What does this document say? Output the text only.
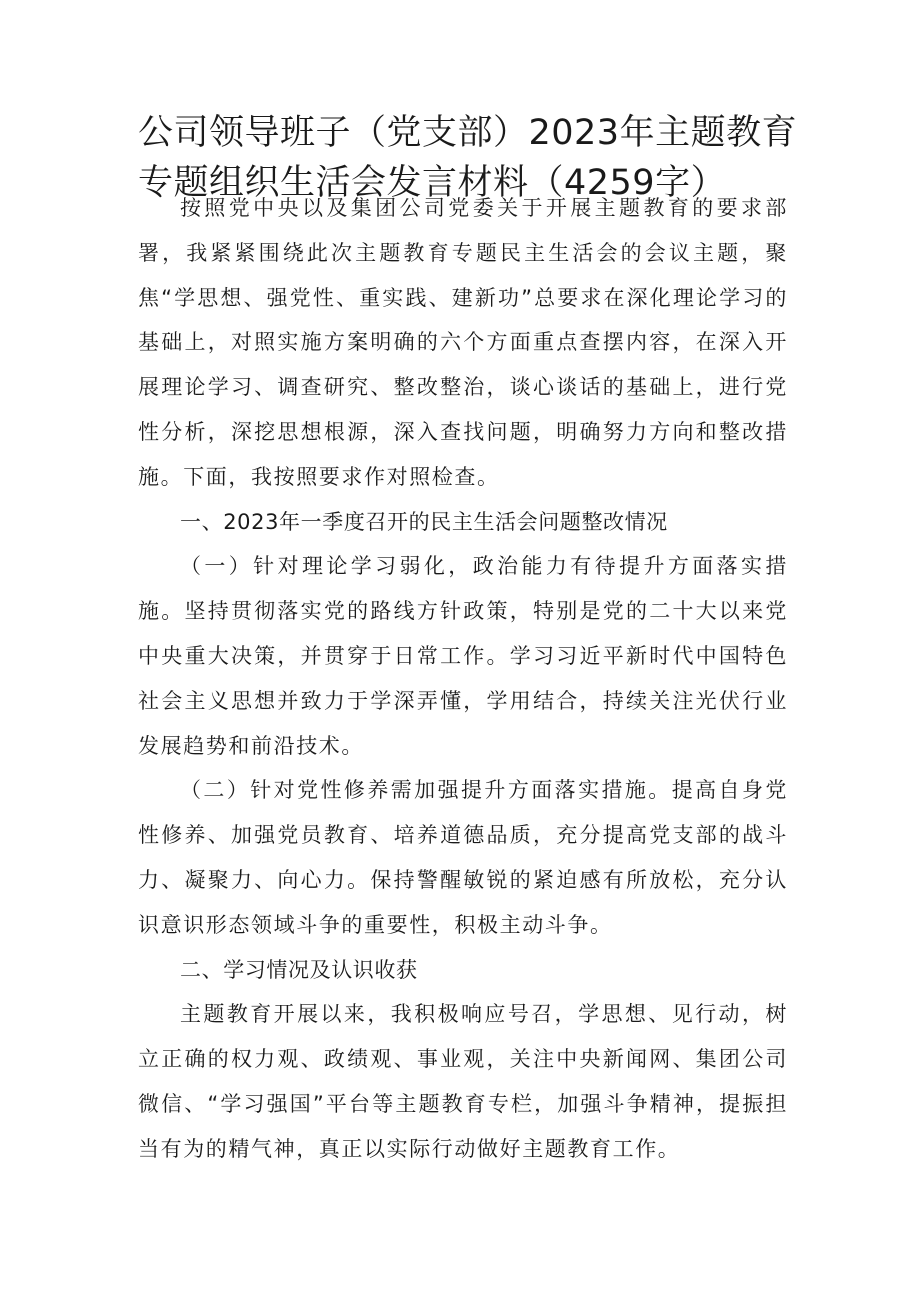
公司领导班子（党支部）2023年主题教育专题组织生活会发言材料（4259字）

按照党中央以及集团公司党委关于开展主题教育的要求部署，我紧紧围绕此次主题教育专题民主生活会的会议主题，聚焦“学思想、强党性、重实践、建新功”总要求在深化理论学习的基础上，对照实施方案明确的六个方面重点查摆内容，在深入开展理论学习、调查研究、整改整治，谈心谈话的基础上，进行党性分析，深挖思想根源，深入查找问题，明确努力方向和整改措施。下面，我按照要求作对照检查。

一、2023年一季度召开的民主生活会问题整改情况

（一）针对理论学习弱化，政治能力有待提升方面落实措施。坚持贯彻落实党的路线方针政策，特别是党的二十大以来党中央重大决策，并贯穿于日常工作。学习习近平新时代中国特色社会主义思想并致力于学深弄懂，学用结合，持续关注光伏行业发展趋势和前沿技术。

（二）针对党性修养需加强提升方面落实措施。提高自身党性修养、加强党员教育、培养道德品质，充分提高党支部的战斗力、凝聚力、向心力。保持警醒敏锐的紧迫感有所放松，充分认识意识形态领域斗争的重要性，积极主动斗争。

二、学习情况及认识收获

主题教育开展以来，我积极响应号召，学思想、见行动，树立正确的权力观、政绩观、事业观，关注中央新闻网、集团公司微信、“学习强国”平台等主题教育专栏，加强斗争精神，提振担当有为的精气神，真正以实际行动做好主题教育工作。
